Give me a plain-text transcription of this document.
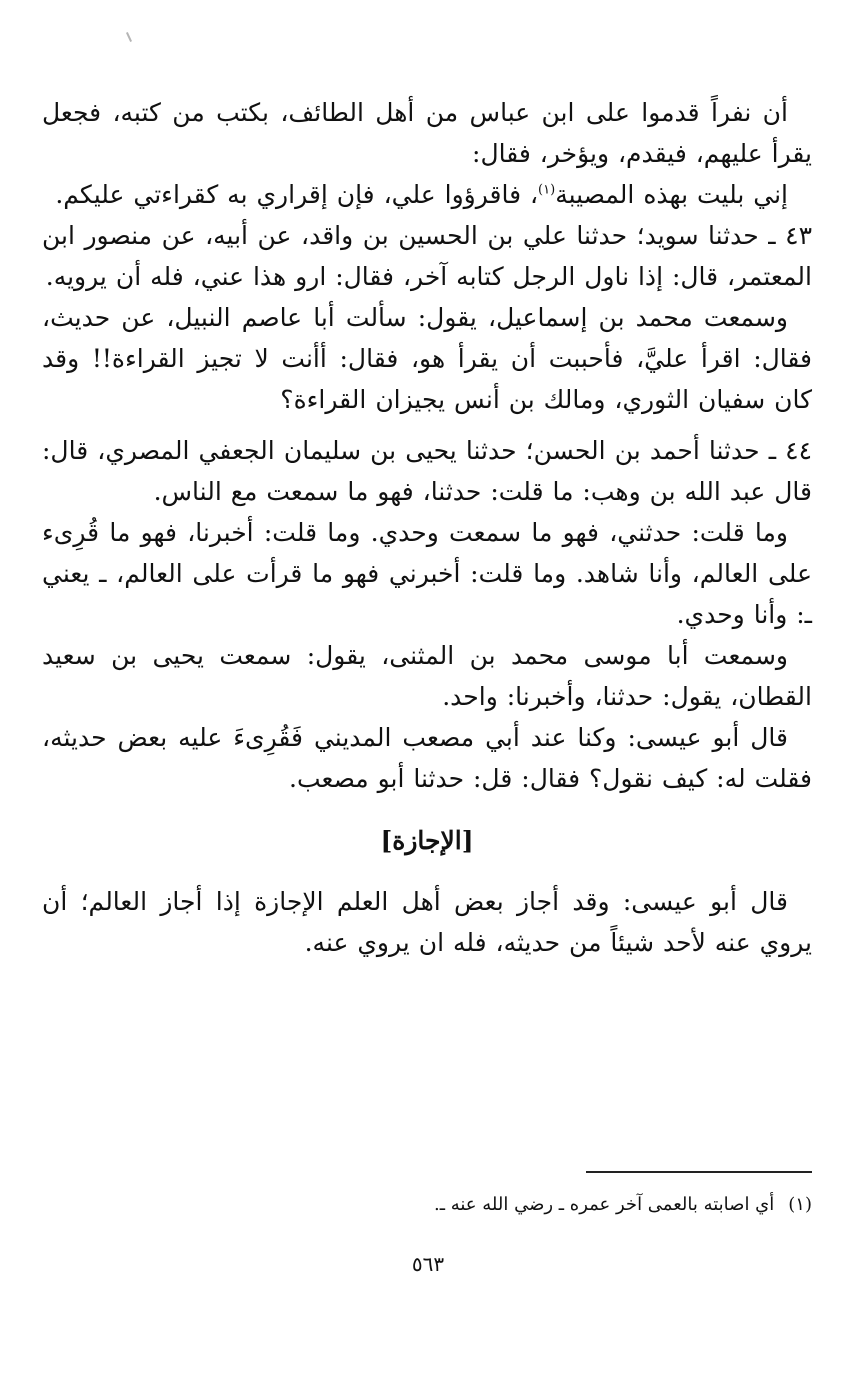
أن نفراً قدموا على ابن عباس من أهل الطائف، بكتب من كتبه، فجعل يقرأ عليهم، فيقدم، ويؤخر، فقال:

إني بليت بهذه المصيبة$^{(١)}$، فاقرؤوا علي، فإن إقراري به كقراءتي عليكم.

٤٣ ـ حدثنا سويد؛ حدثنا علي بن الحسين بن واقد، عن أبيه، عن منصور ابن المعتمر، قال: إذا ناول الرجل كتابه آخر، فقال: ارو هذا عني، فله أن يرويه.

وسمعت محمد بن إسماعيل، يقول: سألت أبا عاصم النبيل، عن حديث، فقال: اقرأ عليَّ، فأحببت أن يقرأ هو، فقال: أأنت لا تجيز القراءة!! وقد كان سفيان الثوري، ومالك بن أنس يجيزان القراءة؟

٤٤ ـ حدثنا أحمد بن الحسن؛ حدثنا يحيى بن سليمان الجعفي المصري، قال: قال عبد الله بن وهب: ما قلت: حدثنا، فهو ما سمعت مع الناس.

وما قلت: حدثني، فهو ما سمعت وحدي. وما قلت: أخبرنا، فهو ما قُرِىء على العالم، وأنا شاهد. وما قلت: أخبرني فهو ما قرأت على العالم، ـ يعني ـ: وأنا وحدي.

وسمعت أبا موسى محمد بن المثنى، يقول: سمعت يحيى بن سعيد القطان، يقول: حدثنا، وأخبرنا: واحد.

قال أبو عيسى: وكنا عند أبي مصعب المديني فَقُرِىءَ عليه بعض حديثه، فقلت له: كيف نقول؟ فقال: قل: حدثنا أبو مصعب.

[الإجازة]

قال أبو عيسى: وقد أجاز بعض أهل العلم الإجازة إذا أجاز العالم؛ أن يروي عنه لأحد شيئاً من حديثه، فله ان يروي عنه.

(١)أي اصابته بالعمى آخر عمره ـ رضي الله عنه ـ.
٥٦٣
